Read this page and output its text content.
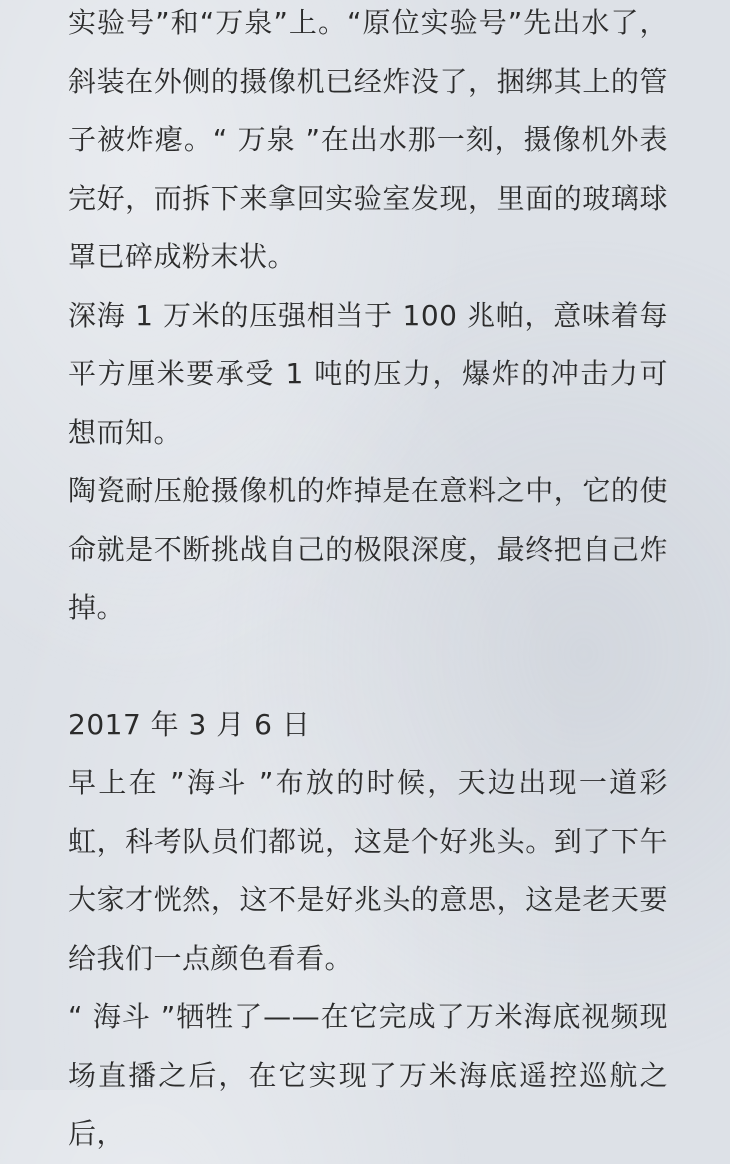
实验号”和“万泉”上。“原位实验号”先出水了，斜装在外侧的摄像机已经炸没了，捆绑其上的管子被炸瘪。“ 万泉 ”在出水那一刻，摄像机外表完好，而拆下来拿回实验室发现，里面的玻璃球罩已碎成粉末状。

深海 1 万米的压强相当于 100 兆帕，意味着每平方厘米要承受 1 吨的压力，爆炸的冲击力可想而知。

陶瓷耐压舱摄像机的炸掉是在意料之中，它的使命就是不断挑战自己的极限深度，最终把自己炸掉。

2017 年 3 月 6 日

早上在 ”海斗 ”布放的时候，天边出现一道彩虹，科考队员们都说，这是个好兆头。到了下午大家才恍然，这不是好兆头的意思，这是老天要给我们一点颜色看看。

“ 海斗 ”牺牲了——在它完成了万米海底视频现场直播之后，在它实现了万米海底遥控巡航之后，
